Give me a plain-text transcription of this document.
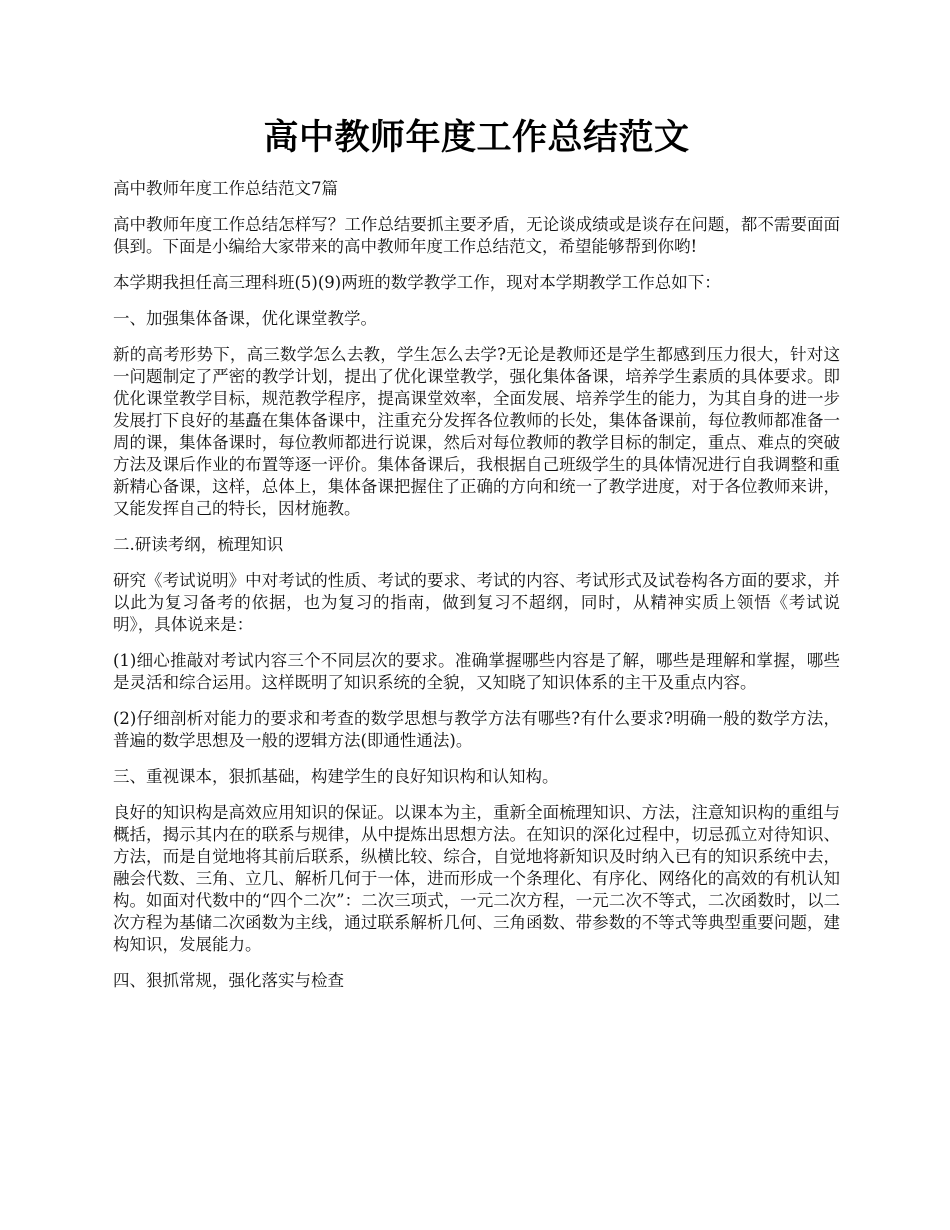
高中教师年度工作总结范文

高中教师年度工作总结范文7篇

高中教师年度工作总结怎样写？工作总结要抓主要矛盾，无论谈成绩或是谈存在问题，都不需要面面俱到。下面是小编给大家带来的高中教师年度工作总结范文，希望能够帮到你哟!

本学期我担任高三理科班(5)(9)两班的数学教学工作，现对本学期教学工作总如下：

一、加强集体备课，优化课堂教学。

新的高考形势下，高三数学怎么去教，学生怎么去学?无论是教师还是学生都感到压力很大，针对这一问题制定了严密的教学计划，提出了优化课堂教学，强化集体备课，培养学生素质的具体要求。即优化课堂教学目标，规范教学程序，提高课堂效率，全面发展、培养学生的能力，为其自身的进一步发展打下良好的基矗在集体备课中，注重充分发挥各位教师的长处，集体备课前，每位教师都准备一周的课，集体备课时，每位教师都进行说课，然后对每位教师的教学目标的制定，重点、难点的突破方法及课后作业的布置等逐一评价。集体备课后，我根据自己班级学生的具体情况进行自我调整和重新精心备课，这样，总体上，集体备课把握住了正确的方向和统一了教学进度，对于各位教师来讲，又能发挥自己的特长，因材施教。

二.研读考纲，梳理知识

研究《考试说明》中对考试的性质、考试的要求、考试的内容、考试形式及试卷构各方面的要求，并以此为复习备考的依据，也为复习的指南，做到复习不超纲，同时，从精神实质上领悟《考试说明》，具体说来是：

(1)细心推敲对考试内容三个不同层次的要求。准确掌握哪些内容是了解，哪些是理解和掌握，哪些是灵活和综合运用。这样既明了知识系统的全貌，又知晓了知识体系的主干及重点内容。

(2)仔细剖析对能力的要求和考查的数学思想与教学方法有哪些?有什么要求?明确一般的数学方法，普遍的数学思想及一般的逻辑方法(即通性通法)。

三、重视课本，狠抓基础，构建学生的良好知识构和认知构。

良好的知识构是高效应用知识的保证。以课本为主，重新全面梳理知识、方法，注意知识构的重组与概括，揭示其内在的联系与规律，从中提炼出思想方法。在知识的深化过程中，切忌孤立对待知识、方法，而是自觉地将其前后联系，纵横比较、综合，自觉地将新知识及时纳入已有的知识系统中去，融会代数、三角、立几、解析几何于一体，进而形成一个条理化、有序化、网络化的高效的有机认知构。如面对代数中的“四个二次”：二次三项式，一元二次方程，一元二次不等式，二次函数时，以二次方程为基储二次函数为主线，通过联系解析几何、三角函数、带参数的不等式等典型重要问题，建构知识，发展能力。

四、狠抓常规，强化落实与检查
